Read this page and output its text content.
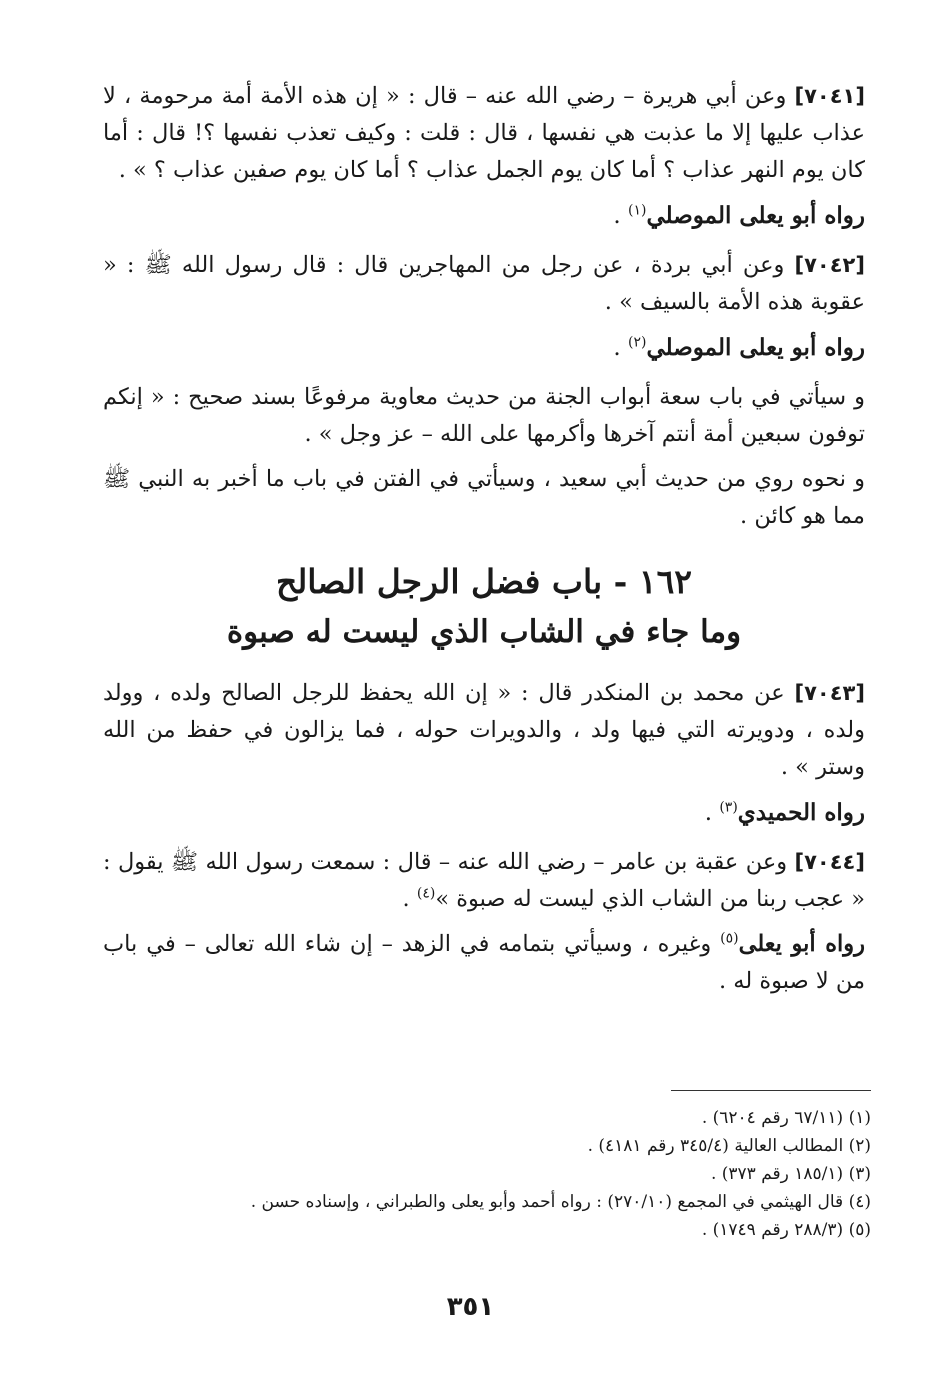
[٧٠٤١] وعن أبي هريرة – رضي الله عنه – قال : « إن هذه الأمة أمة مرحومة ، لا عذاب عليها إلا ما عذبت هي نفسها ، قال : قلت : وكيف تعذب نفسها ؟! قال : أما كان يوم النهر عذاب ؟ أما كان يوم الجمل عذاب ؟ أما كان يوم صفين عذاب ؟ » .

رواه أبو يعلى الموصلي$^{(١)}$ .

[٧٠٤٢] وعن أبي بردة ، عن رجل من المهاجرين قال : قال رسول الله ﷺ : « عقوبة هذه الأمة بالسيف » .

رواه أبو يعلى الموصلي$^{(٢)}$ .

و سيأتي في باب سعة أبواب الجنة من حديث معاوية مرفوعًا بسند صحيح : « إنكم توفون سبعين أمة أنتم آخرها وأكرمها على الله – عز وجل » .

و نحوه روي من حديث أبي سعيد ، وسيأتي في الفتن في باب ما أخبر به النبي ﷺ مما هو كائن .

١٦٢ - باب فضل الرجل الصالح
وما جاء في الشاب الذي ليست له صبوة

[٧٠٤٣] عن محمد بن المنكدر قال : « إن الله يحفظ للرجل الصالح ولده ، وولد ولده ، ودويرته التي فيها ولد ، والدويرات حوله ، فما يزالون في حفظ من الله وستر » .

رواه الحميدي$^{(٣)}$ .

[٧٠٤٤] وعن عقبة بن عامر – رضي الله عنه – قال : سمعت رسول الله ﷺ يقول : « عجب ربنا من الشاب الذي ليست له صبوة »$^{(٤)}$ .

رواه أبو يعلى$^{(٥)}$ وغيره ، وسيأتي بتمامه في الزهد – إن شاء الله تعالى – في باب من لا صبوة له .

(١) (٦٧/١١ رقم ٦٢٠٤) .
(٢) المطالب العالية (٣٤٥/٤ رقم ٤١٨١) .
(٣) (١٨٥/١ رقم ٣٧٣) .
(٤) قال الهيثمي في المجمع (٢٧٠/١٠) : رواه أحمد وأبو يعلى والطبراني ، وإسناده حسن .
(٥) (٢٨٨/٣ رقم ١٧٤٩) .
٣٥١
